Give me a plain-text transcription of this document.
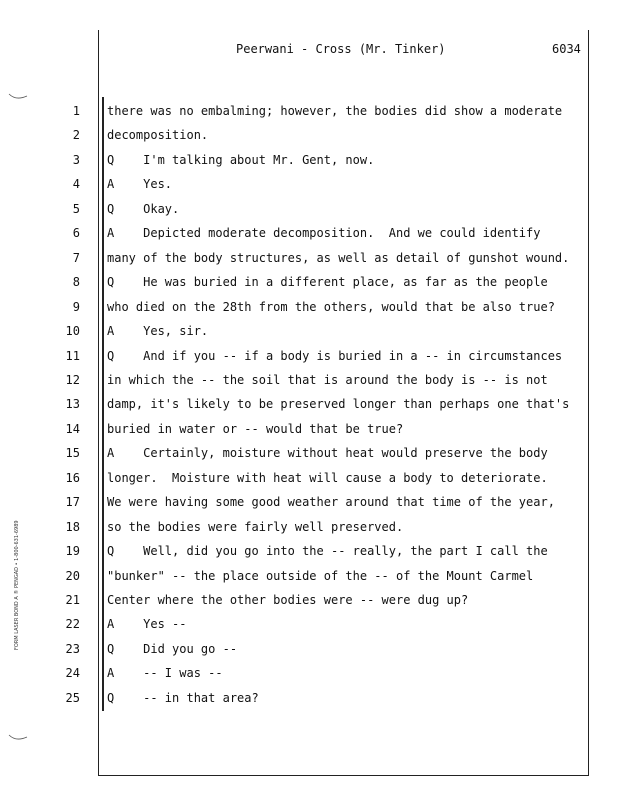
Peerwani - Cross (Mr. Tinker)	6034
FORM LASER BOND A ® PENGAD • 1-800-631-6989
1 there was no embalming; however, the bodies did show a moderate
2 decomposition.
3 Q    I'm talking about Mr. Gent, now.
4 A    Yes.
5 Q    Okay.
6 A    Depicted moderate decomposition.  And we could identify
7 many of the body structures, as well as detail of gunshot wound.
8 Q    He was buried in a different place, as far as the people
9 who died on the 28th from the others, would that be also true?
10 A    Yes, sir.
11 Q    And if you -- if a body is buried in a -- in circumstances
12 in which the -- the soil that is around the body is -- is not
13 damp, it's likely to be preserved longer than perhaps one that's
14 buried in water or -- would that be true?
15 A    Certainly, moisture without heat would preserve the body
16 longer.  Moisture with heat will cause a body to deteriorate.
17 We were having some good weather around that time of the year,
18 so the bodies were fairly well preserved.
19 Q    Well, did you go into the -- really, the part I call the
20 "bunker" -- the place outside of the -- of the Mount Carmel
21 Center where the other bodies were -- were dug up?
22 A    Yes --
23 Q    Did you go --
24 A    -- I was --
25 Q    -- in that area?
